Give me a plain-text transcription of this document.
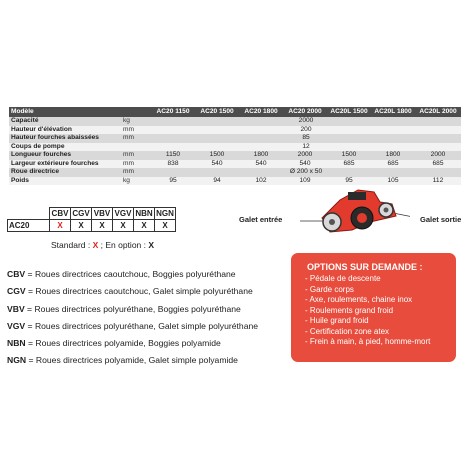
Modèle		AC20 1150	AC20 1500	AC20 1800	AC20 2000	AC20L 1500	AC20L 1800	AC20L 2000
Capacité	kg	2000						
Hauteur d'élévation	mm	200						
Hauteur fourches abaissées	mm	85						
Coups de pompe		12						
Longueur fourches	mm	1150	1500	1800	2000	1500	1800	2000
Largeur extérieure fourches	mm	838	540	540	540	685	685	685
Roue directrice	mm	Ø 200 x 50						
Poids	kg	95	94	102	109	95	105	112
	CBV	CGV	VBV	VGV	NBN	NGN
AC20	X	X	X	X	X	X
Standard : X ; En option : X
CBV = Roues directrices caoutchouc, Boggies polyuréthane
CGV = Roues directrices caoutchouc, Galet simple polyuréthane
VBV = Roues directrices polyuréthane, Boggies polyuréthane
VGV = Roues directrices polyuréthane, Galet simple polyuréthane
NBN = Roues directrices polyamide, Boggies polyamide
NGN = Roues directrices polyamide, Galet simple polyamide
Galet entrée	Galet sortie
OPTIONS SUR DEMANDE :
- Pédale de descente
- Garde corps
- Axe, roulements, chaine inox
- Roulements grand froid
- Huile grand froid
- Certification zone atex
- Frein à main, à pied, homme-mort
